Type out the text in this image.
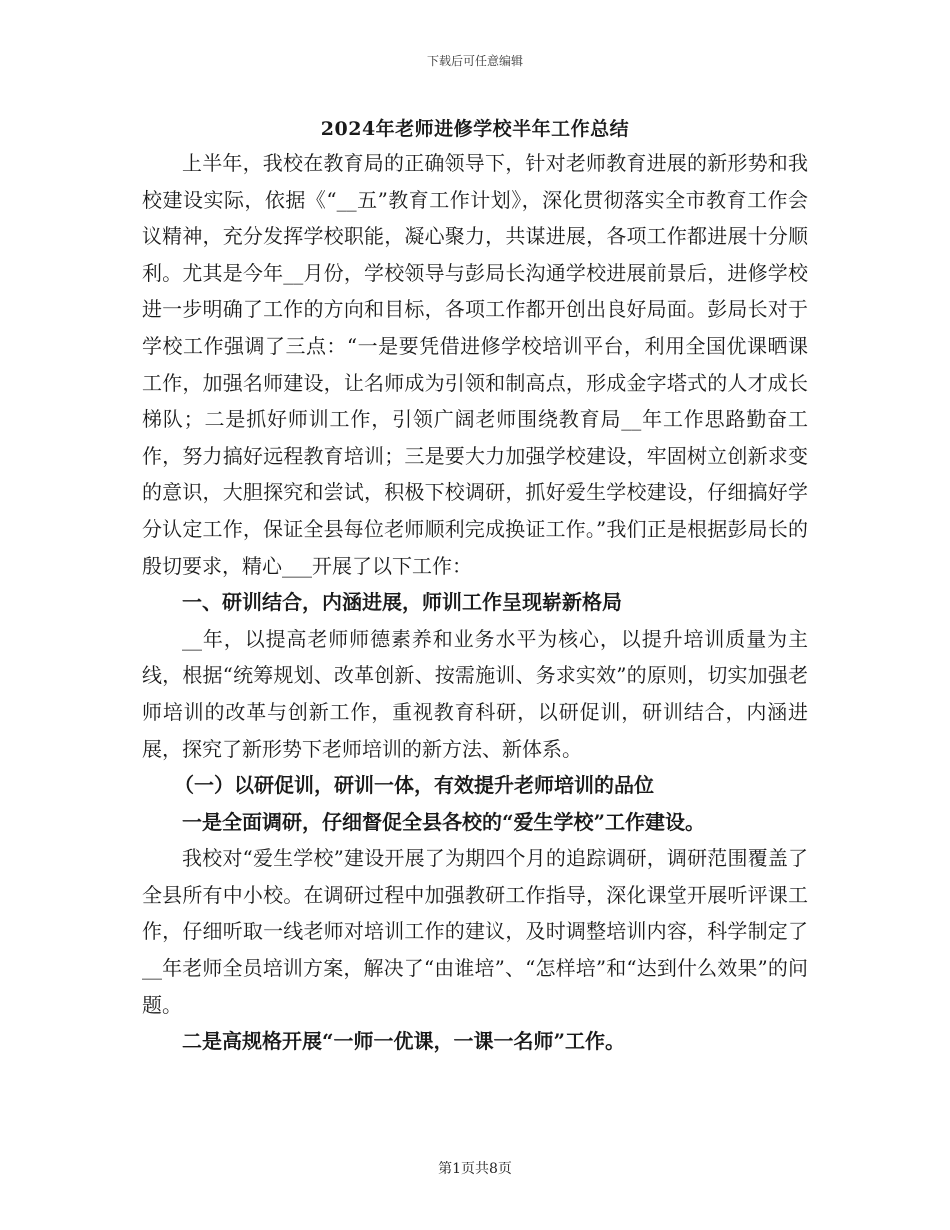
下载后可任意编辑
2024年老师进修学校半年工作总结

上半年，我校在教育局的正确领导下，针对老师教育进展的新形势和我校建设实际，依据《“__五”教育工作计划》，深化贯彻落实全市教育工作会议精神，充分发挥学校职能，凝心聚力，共谋进展，各项工作都进展十分顺利。尤其是今年__月份，学校领导与彭局长沟通学校进展前景后，进修学校进一步明确了工作的方向和目标，各项工作都开创出良好局面。彭局长对于学校工作强调了三点：“一是要凭借进修学校培训平台，利用全国优课晒课工作，加强名师建设，让名师成为引领和制高点，形成金字塔式的人才成长梯队；二是抓好师训工作，引领广阔老师围绕教育局__年工作思路勤奋工作，努力搞好远程教育培训；三是要大力加强学校建设，牢固树立创新求变的意识，大胆探究和尝试，积极下校调研，抓好爱生学校建设，仔细搞好学分认定工作，保证全县每位老师顺利完成换证工作。”我们正是根据彭局长的殷切要求，精心___开展了以下工作：

一、研训结合，内涵进展，师训工作呈现崭新格局

__年，以提高老师师德素养和业务水平为核心，以提升培训质量为主线，根据“统筹规划、改革创新、按需施训、务求实效”的原则，切实加强老师培训的改革与创新工作，重视教育科研，以研促训，研训结合，内涵进展，探究了新形势下老师培训的新方法、新体系。

（一）以研促训，研训一体，有效提升老师培训的品位

一是全面调研，仔细督促全县各校的“爱生学校”工作建设。

我校对“爱生学校”建设开展了为期四个月的追踪调研，调研范围覆盖了全县所有中小校。在调研过程中加强教研工作指导，深化课堂开展听评课工作，仔细听取一线老师对培训工作的建议，及时调整培训内容，科学制定了__年老师全员培训方案，解决了“由谁培”、“怎样培”和“达到什么效果”的问题。

二是高规格开展“一师一优课，一课一名师”工作。

第1页共8页
